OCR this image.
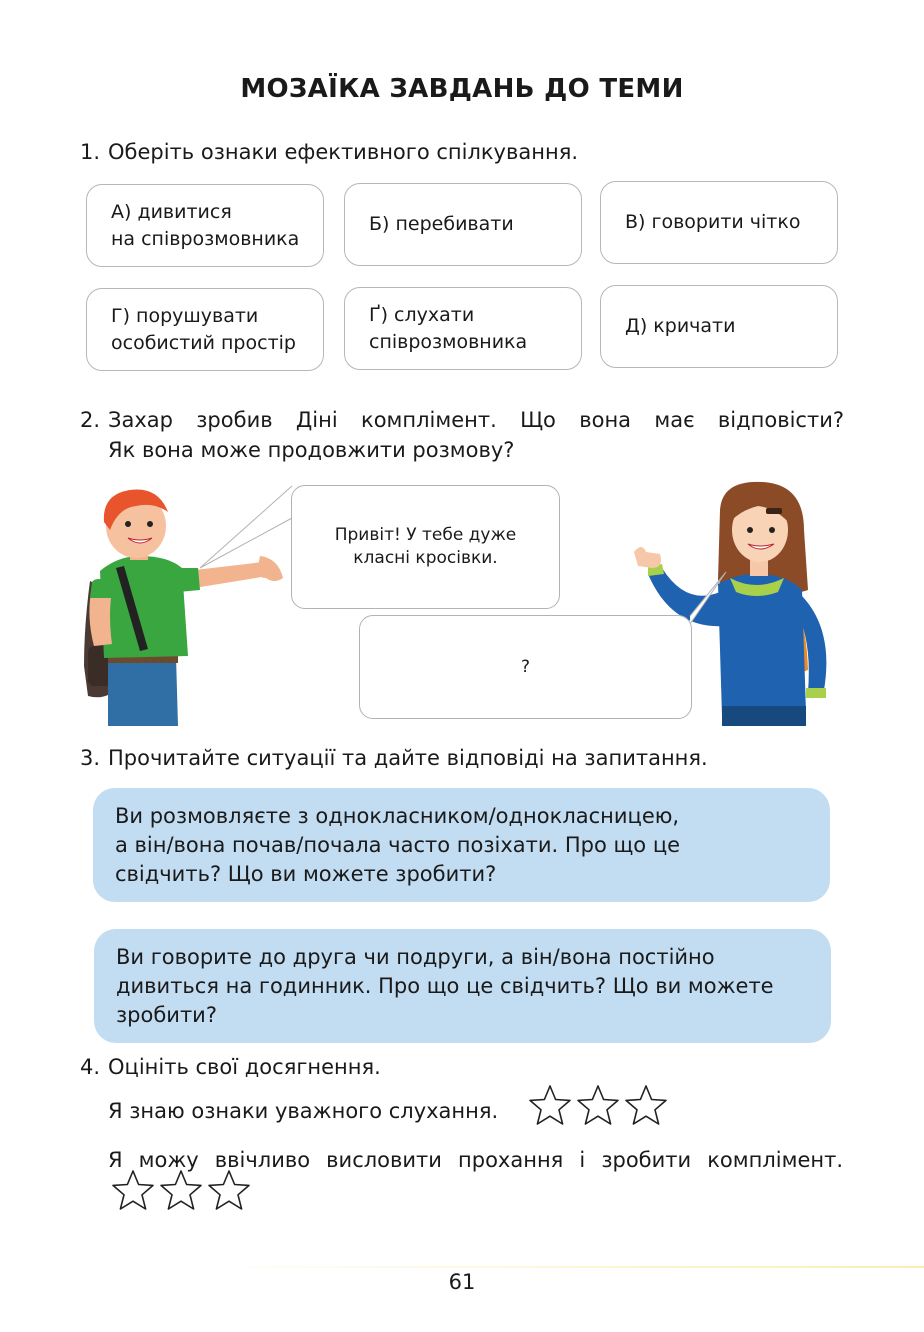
МОЗАЇКА ЗАВДАНЬ ДО ТЕМИ
1. Оберіть ознаки ефективного спілкування.
А) дивитися
на співрозмовника
Б) перебивати	В) говорити чітко
Г) порушувати
особистий простір
Ґ) слухати
співрозмовника
Д) кричати
2. Захар зробив Діні комплімент. Що вона має відповісти?
Як вона може продовжити розмову?
Привіт! У тебе дуже
класні кросівки.
?
3. Прочитайте ситуації та дайте відповіді на запитання.
Ви розмовляєте з однокласником/однокласницею,
а він/вона почав/почала часто позіхати. Про що це
свідчить? Що ви можете зробити?
Ви говорите до друга чи подруги, а він/вона постійно
дивиться на годинник. Про що це свідчить? Що ви можете
зробити?
4. Оцініть свої досягнення.
Я знаю ознаки уважного слухання.
Я можу ввічливо висловити прохання і зробити комплімент.
61
